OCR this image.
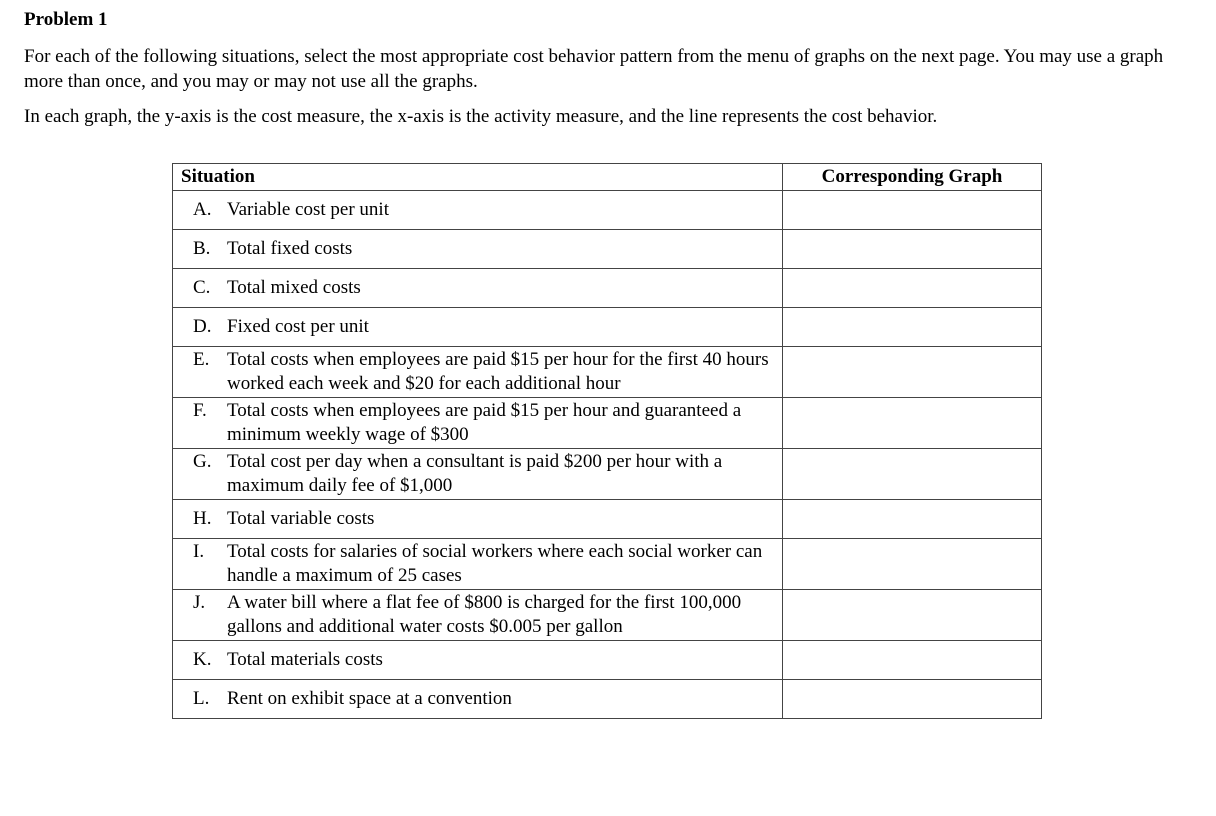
Problem 1

For each of the following situations, select the most appropriate cost behavior pattern from the menu of graphs on the next page. You may use a graph more than once, and you may or may not use all the graphs.

In each graph, the y-axis is the cost measure, the x-axis is the activity measure, and the line represents the cost behavior.

Situation	Corresponding Graph

A. Variable cost per unit	

B. Total fixed costs	

C. Total mixed costs	

D. Fixed cost per unit	

E. Total costs when employees are paid $15 per hour for the first 40 hours worked each week and $20 for each additional hour	

F. Total costs when employees are paid $15 per hour and guaranteed a minimum weekly wage of $300	

G. Total cost per day when a consultant is paid $200 per hour with a maximum daily fee of $1,000	

H. Total variable costs	

I. Total costs for salaries of social workers where each social worker can handle a maximum of 25 cases	

J. A water bill where a flat fee of $800 is charged for the first 100,000 gallons and additional water costs $0.005 per gallon	

K. Total materials costs	

L. Rent on exhibit space at a convention	
